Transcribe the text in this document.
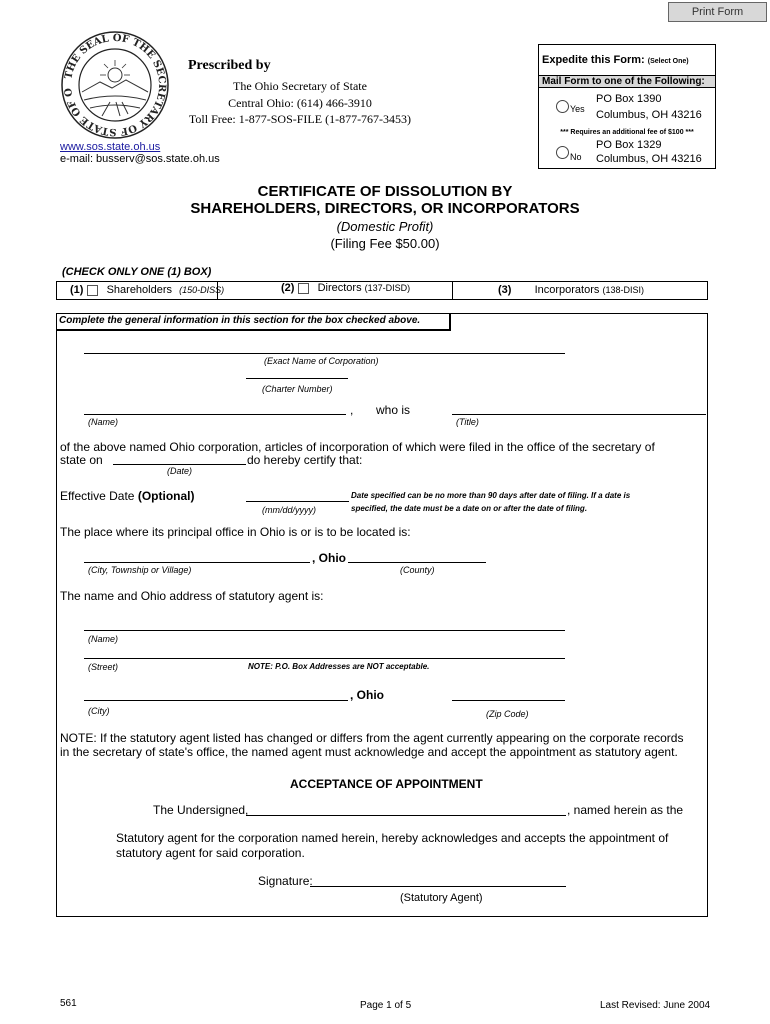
Print Form
THE SEAL OF THE SECRETARY OF STATE OF O
Prescribed by
The Ohio Secretary of State
Central Ohio: (614) 466-3910
Toll Free: 1-877-SOS-FILE (1-877-767-3453)
www.sos.state.oh.us
e-mail: busserv@sos.state.oh.us
Expedite this Form: (Select One)
Mail Form to one of the Following:
Yes
PO Box 1390
Columbus, OH 43216
*** Requires an additional fee of $100 ***
No
PO Box 1329
Columbus, OH 43216
CERTIFICATE OF DISSOLUTION BY
SHAREHOLDERS, DIRECTORS, OR INCORPORATORS
(Domestic Profit)
(Filing Fee $50.00)
(CHECK ONLY ONE (1) BOX)
(1) Shareholders (150-DISS)	(2) Directors (137-DISD)	(3) Incorporators (138-DISI)
Complete the general information in this section for the box checked above.
(Exact Name of Corporation)
(Charter Number)
, who is
(Name)	(Title)
of the above named Ohio corporation, articles of incorporation of which were filed in the office of the secretary of
state on	do hereby certify that:
(Date)
Effective Date (Optional)
(mm/dd/yyyy)
Date specified can be no more than 90 days after date of filing. If a date is
specified, the date must be a date on or after the date of filing.
The place where its principal office in Ohio is or is to be located is:
, Ohio
(City, Township or Village)	(County)
The name and Ohio address of statutory agent is:
(Name)
(Street)	NOTE: P.O. Box Addresses are NOT acceptable.
, Ohio
(City)	(Zip Code)
NOTE: If the statutory agent listed has changed or differs from the agent currently appearing on the corporate records
in the secretary of state's office, the named agent must acknowledge and accept the appointment as statutory agent.
ACCEPTANCE OF APPOINTMENT
The Undersigned,	, named herein as the
Statutory agent for the corporation named herein, hereby acknowledges and accepts the appointment of
statutory agent for said corporation.
Signature:
(Statutory Agent)
561	Page 1 of 5	Last Revised: June 2004
